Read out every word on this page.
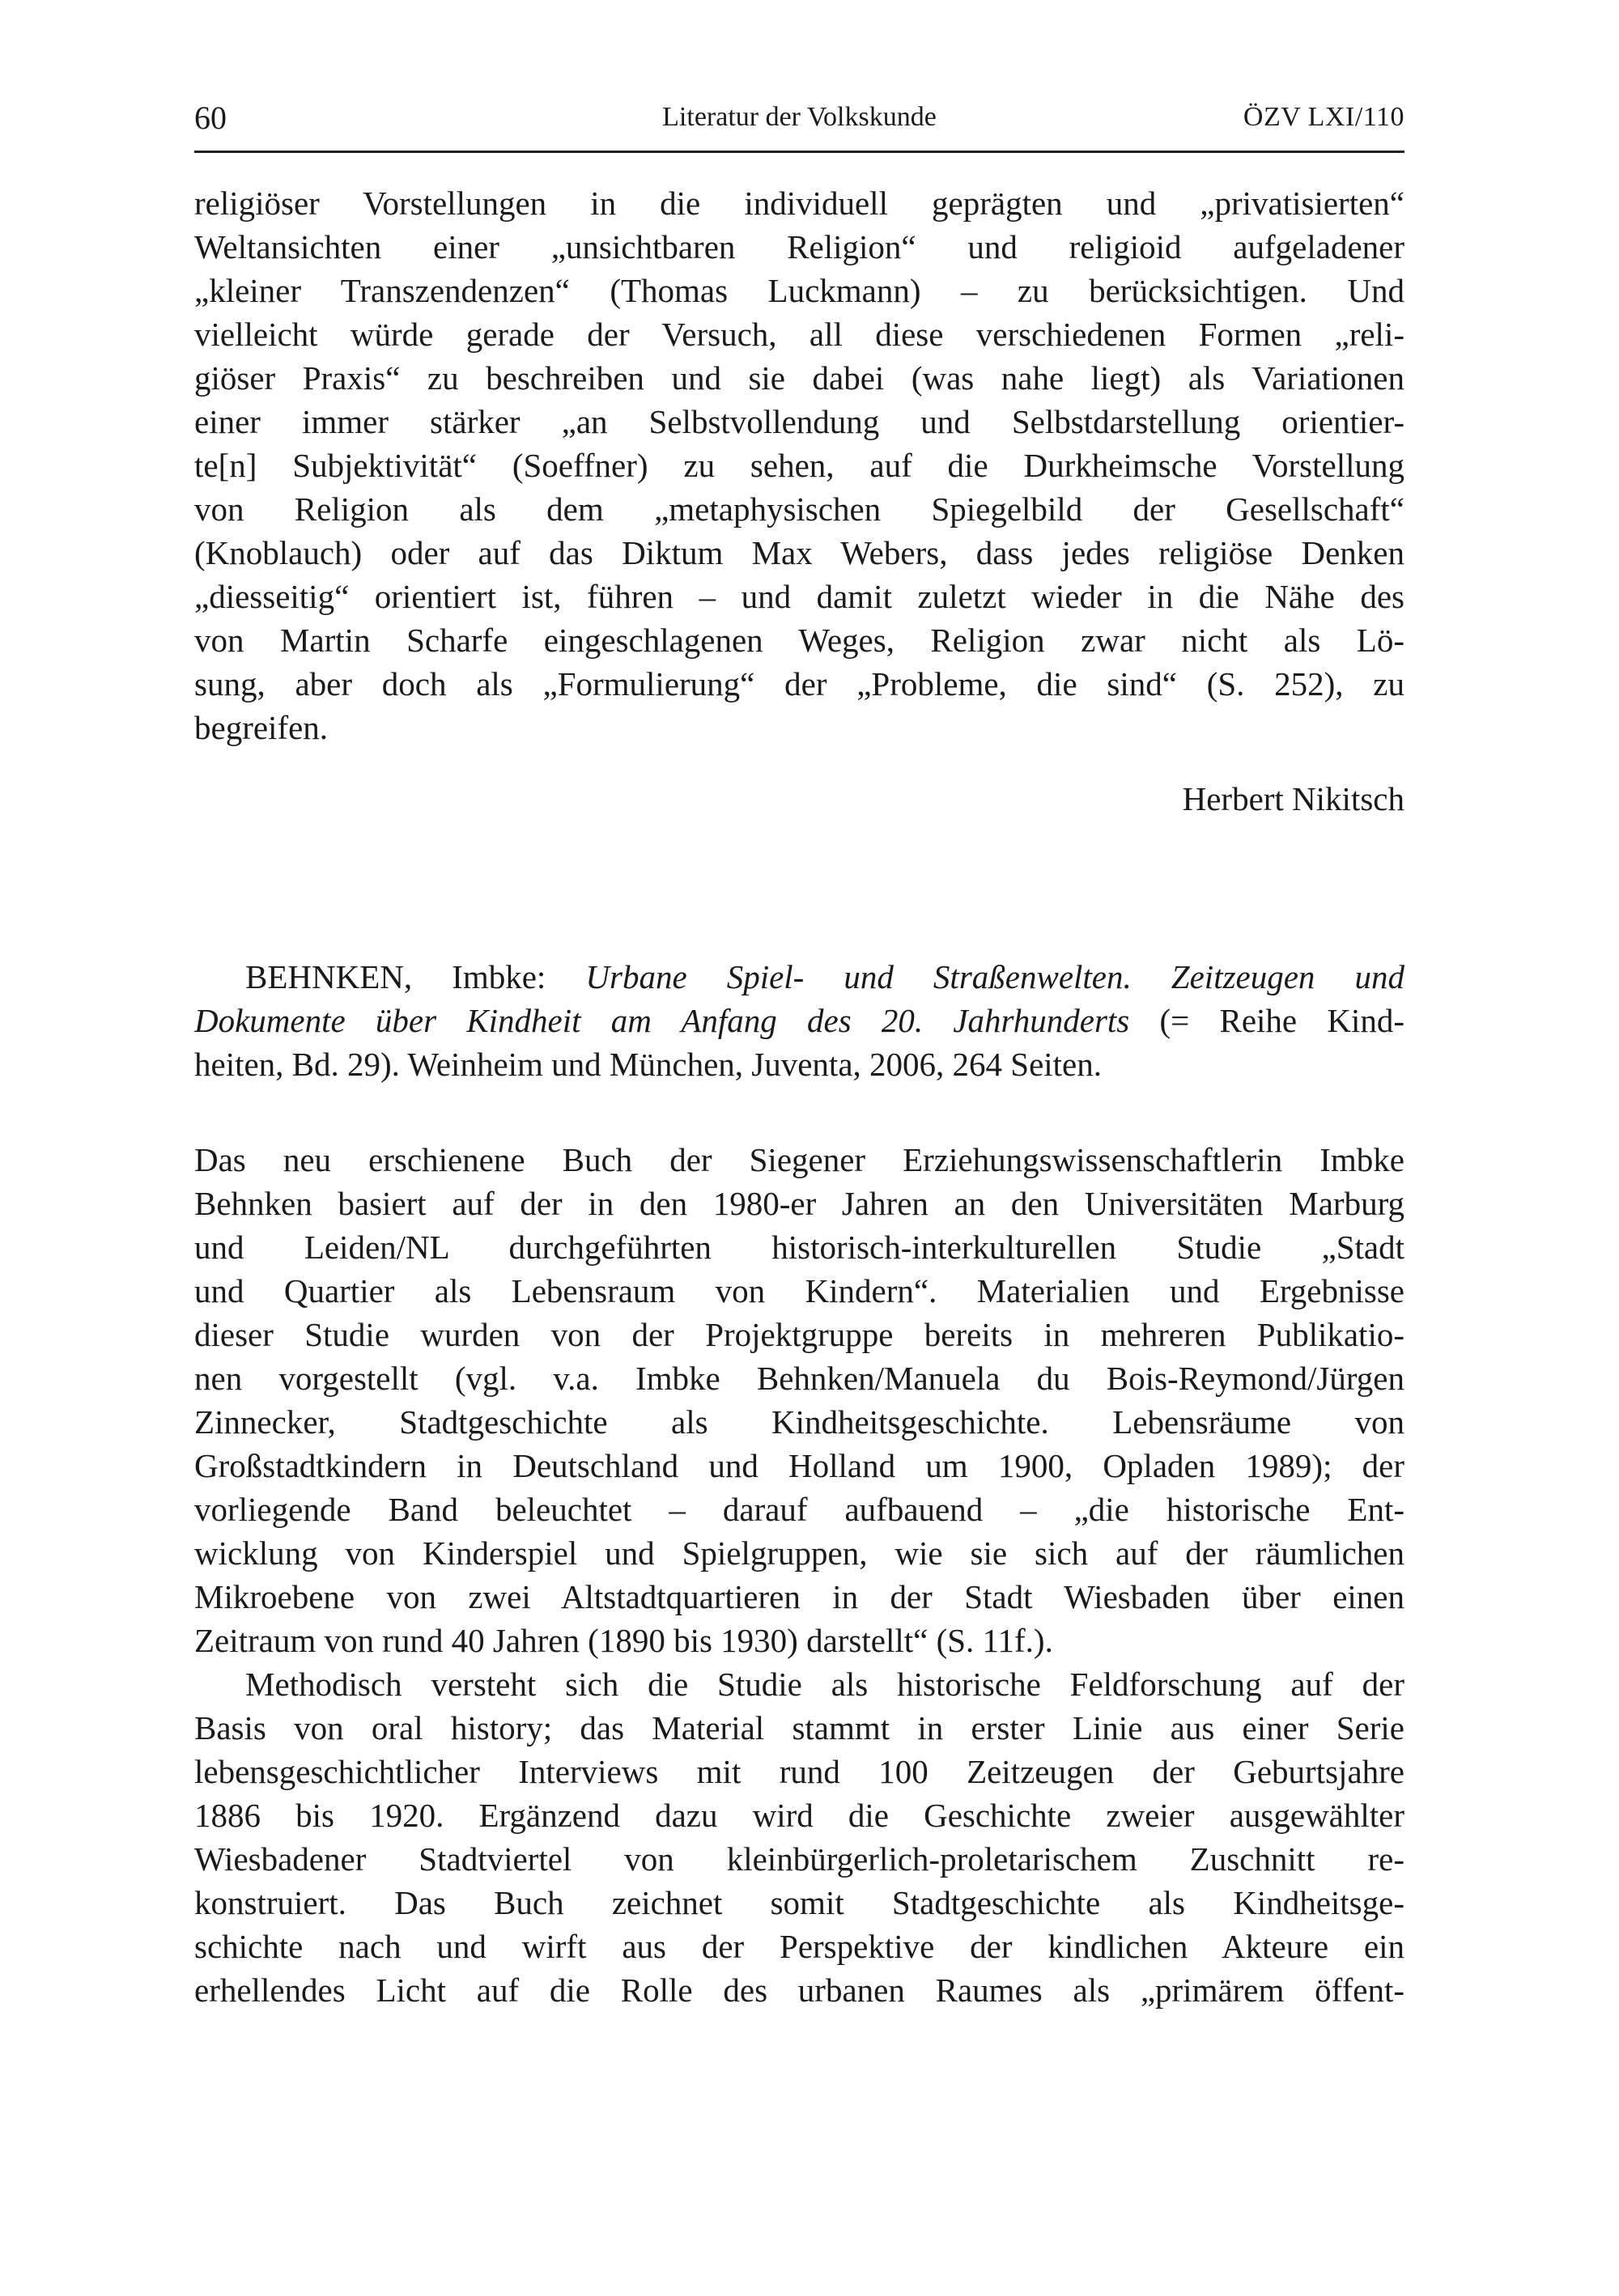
60	Literatur der Volkskunde	ÖZV LXI/110
religiöser Vorstellungen in die individuell geprägten und „privatisierten“
Weltansichten einer „unsichtbaren Religion“ und religioid aufgeladener
„kleiner Transzendenzen“ (Thomas Luckmann) – zu berücksichtigen. Und
vielleicht würde gerade der Versuch, all diese verschiedenen Formen „reli-
giöser Praxis“ zu beschreiben und sie dabei (was nahe liegt) als Variationen
einer immer stärker „an Selbstvollendung und Selbstdarstellung orientier-
te[n] Subjektivität“ (Soeffner) zu sehen, auf die Durkheimsche Vorstellung
von Religion als dem „metaphysischen Spiegelbild der Gesellschaft“
(Knoblauch) oder auf das Diktum Max Webers, dass jedes religiöse Denken
„diesseitig“ orientiert ist, führen – und damit zuletzt wieder in die Nähe des
von Martin Scharfe eingeschlagenen Weges, Religion zwar nicht als Lö-
sung, aber doch als „Formulierung“ der „Probleme, die sind“ (S. 252), zu
begreifen.
Herbert Nikitsch
BEHNKEN, Imbke: Urbane Spiel- und Straßenwelten. Zeitzeugen und
Dokumente über Kindheit am Anfang des 20. Jahrhunderts (= Reihe Kind-
heiten, Bd. 29). Weinheim und München, Juventa, 2006, 264 Seiten.
Das neu erschienene Buch der Siegener Erziehungswissenschaftlerin Imbke
Behnken basiert auf der in den 1980-er Jahren an den Universitäten Marburg
und Leiden/NL durchgeführten historisch-interkulturellen Studie „Stadt
und Quartier als Lebensraum von Kindern“. Materialien und Ergebnisse
dieser Studie wurden von der Projektgruppe bereits in mehreren Publikatio-
nen vorgestellt (vgl. v.a. Imbke Behnken/Manuela du Bois-Reymond/Jürgen
Zinnecker, Stadtgeschichte als Kindheitsgeschichte. Lebensräume von
Großstadtkindern in Deutschland und Holland um 1900, Opladen 1989); der
vorliegende Band beleuchtet – darauf aufbauend – „die historische Ent-
wicklung von Kinderspiel und Spielgruppen, wie sie sich auf der räumlichen
Mikroebene von zwei Altstadtquartieren in der Stadt Wiesbaden über einen
Zeitraum von rund 40 Jahren (1890 bis 1930) darstellt“ (S. 11f.).
Methodisch versteht sich die Studie als historische Feldforschung auf der
Basis von oral history; das Material stammt in erster Linie aus einer Serie
lebensgeschichtlicher Interviews mit rund 100 Zeitzeugen der Geburtsjahre
1886 bis 1920. Ergänzend dazu wird die Geschichte zweier ausgewählter
Wiesbadener Stadtviertel von kleinbürgerlich-proletarischem Zuschnitt re-
konstruiert. Das Buch zeichnet somit Stadtgeschichte als Kindheitsge-
schichte nach und wirft aus der Perspektive der kindlichen Akteure ein
erhellendes Licht auf die Rolle des urbanen Raumes als „primärem öffent-
